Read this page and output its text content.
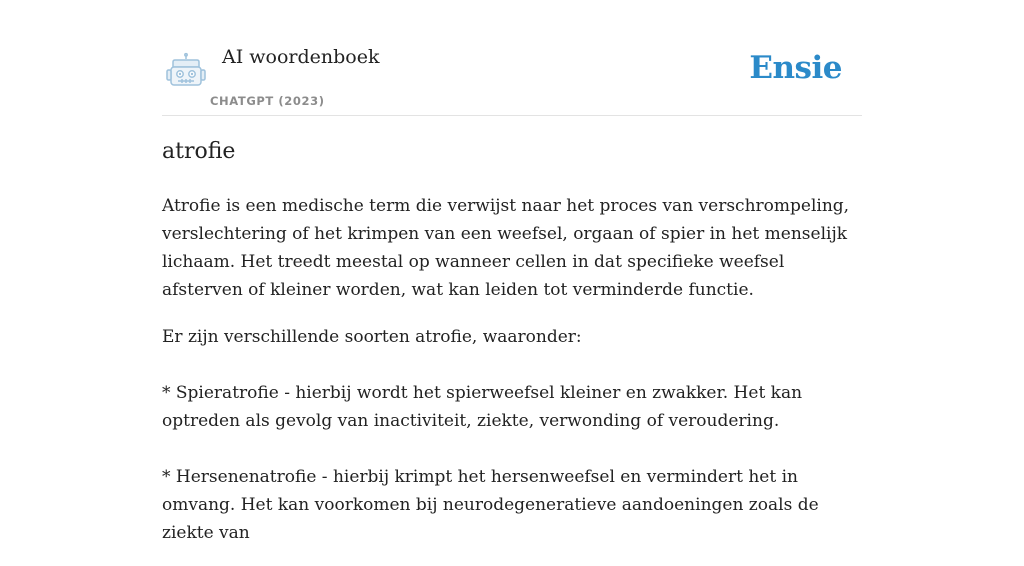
AI woordenboek
CHATGPT (2023)
Ensie
atrofie

Atrofie is een medische term die verwijst naar het proces van verschrompeling, verslechtering of het krimpen van een weefsel, orgaan of spier in het menselijk lichaam. Het treedt meestal op wanneer cellen in dat specifieke weefsel afsterven of kleiner worden, wat kan leiden tot verminderde functie.

Er zijn verschillende soorten atrofie, waaronder:

* Spieratrofie - hierbij wordt het spierweefsel kleiner en zwakker. Het kan optreden als gevolg van inactiviteit, ziekte, verwonding of veroudering.

* Hersenenatrofie - hierbij krimpt het hersenweefsel en vermindert het in omvang. Het kan voorkomen bij neurodegeneratieve aandoeningen zoals de ziekte van
